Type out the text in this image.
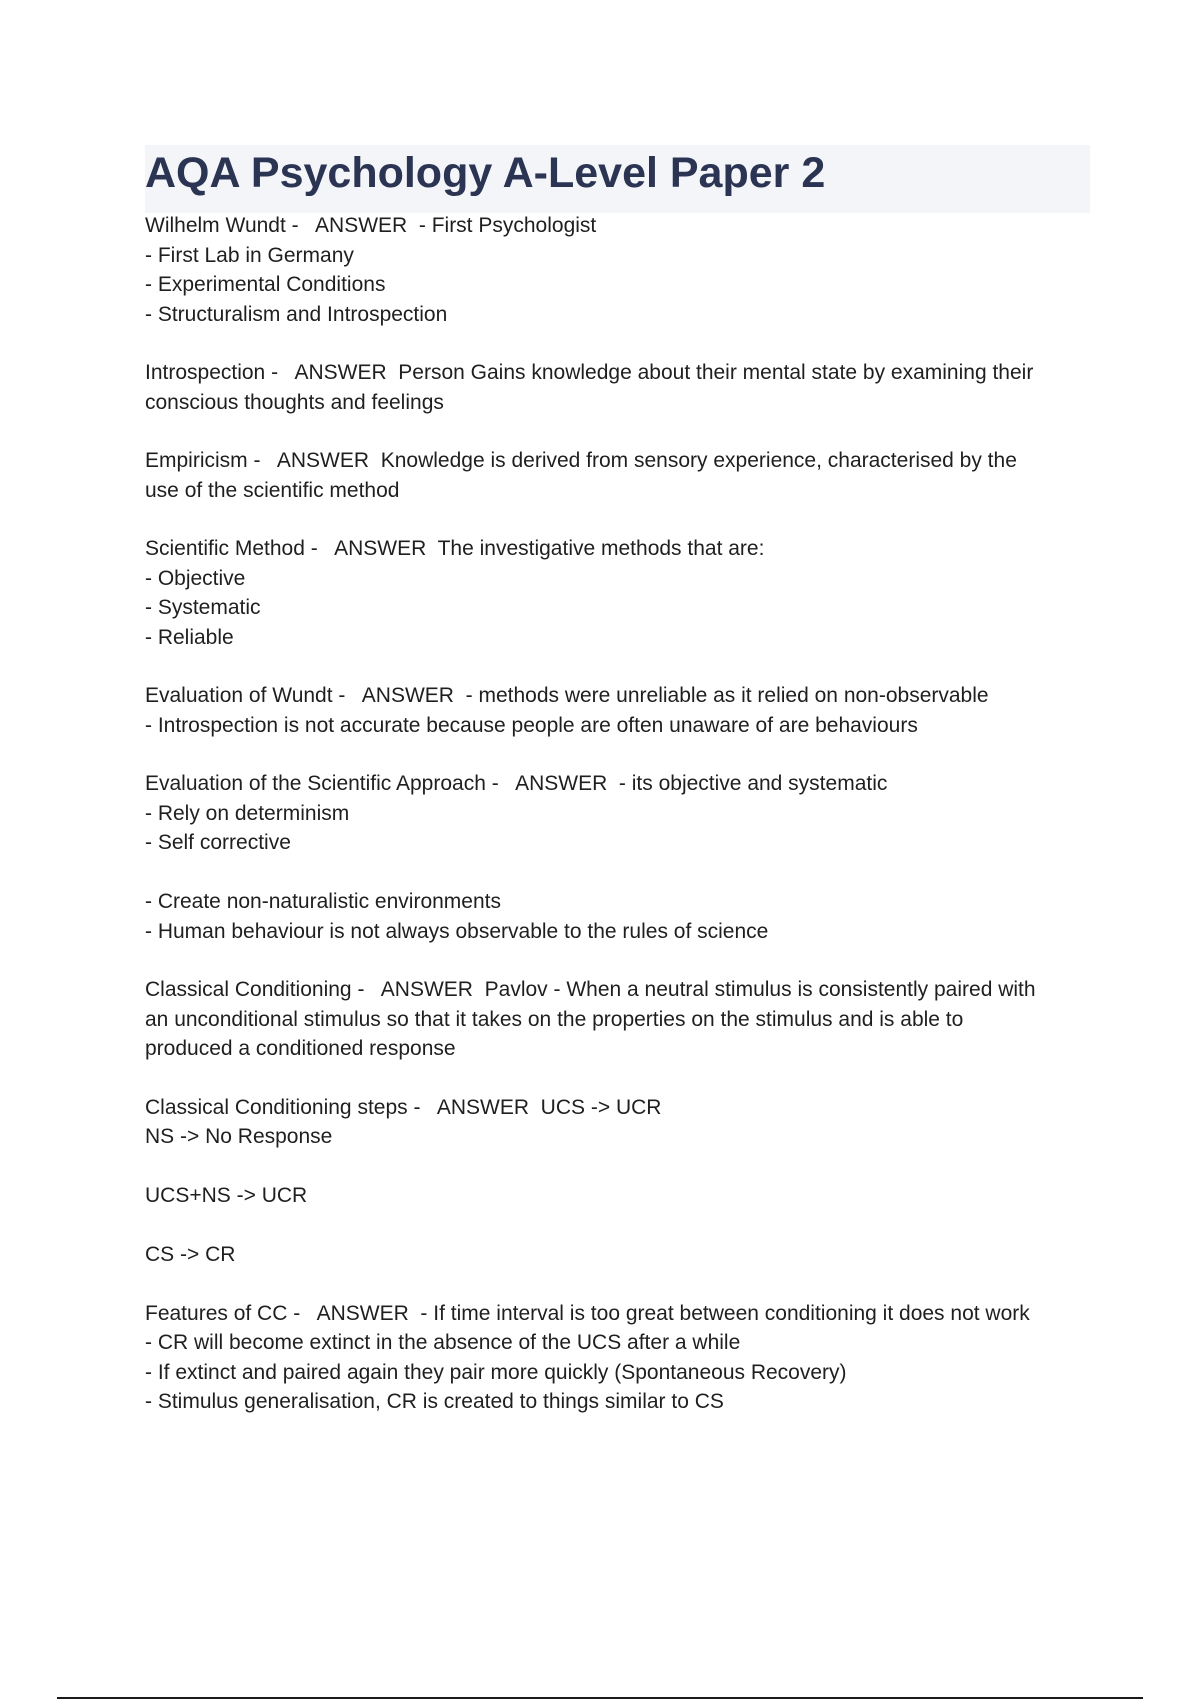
AQA Psychology A-Level Paper 2
Wilhelm Wundt -   ANSWER  - First Psychologist
- First Lab in Germany
- Experimental Conditions
- Structuralism and Introspection
Introspection -   ANSWER  Person Gains knowledge about their mental state by examining their
conscious thoughts and feelings
Empiricism -   ANSWER  Knowledge is derived from sensory experience, characterised by the
use of the scientific method
Scientific Method -   ANSWER  The investigative methods that are:
- Objective
- Systematic
- Reliable
Evaluation of Wundt -   ANSWER  - methods were unreliable as it relied on non-observable
- Introspection is not accurate because people are often unaware of are behaviours
Evaluation of the Scientific Approach -   ANSWER  - its objective and systematic
- Rely on determinism
- Self corrective
- Create non-naturalistic environments
- Human behaviour is not always observable to the rules of science
Classical Conditioning -   ANSWER  Pavlov - When a neutral stimulus is consistently paired with
an unconditional stimulus so that it takes on the properties on the stimulus and is able to
produced a conditioned response
Classical Conditioning steps -   ANSWER  UCS -> UCR
NS -> No Response
UCS+NS -> UCR
CS -> CR
Features of CC -   ANSWER  - If time interval is too great between conditioning it does not work
- CR will become extinct in the absence of the UCS after a while
- If extinct and paired again they pair more quickly (Spontaneous Recovery)
- Stimulus generalisation, CR is created to things similar to CS
